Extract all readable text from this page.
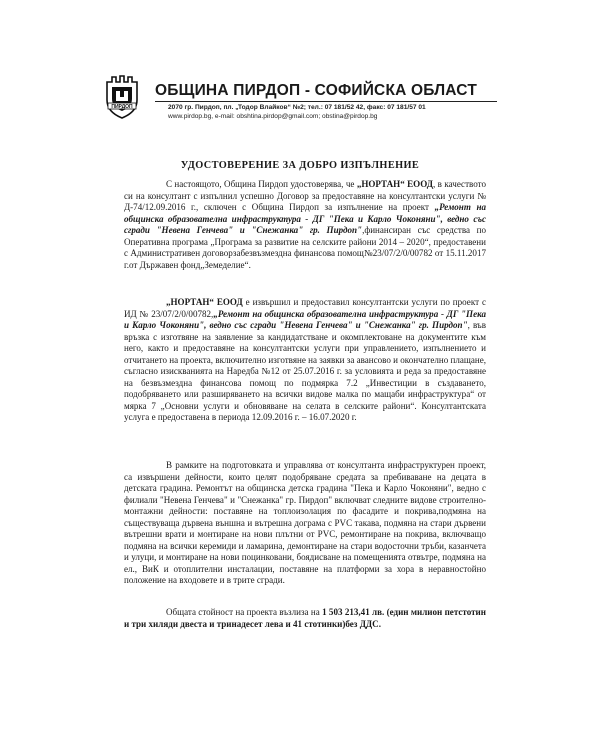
ПИРДОП
ОБЩИНА ПИРДОП - СОФИЙСКА ОБЛАСТ
2070 гр. Пирдоп, пл. „Тодор Влайков“ №2; тел.: 07 181/52 42, факс: 07 181/57 01
www.pirdop.bg, e-mail: obshtina.pirdop@gmail.com; obstina@pirdop.bg
УДОСТОВЕРЕНИЕ ЗА ДОБРО ИЗПЪЛНЕНИЕ

С настоящото, Община Пирдоп удостоверява, че „НОРТАН“ ЕООД, в качеството си на консултант с изпълнил успешно Договор за предоставяне на консултантски услуги № Д-74/12.09.2016 г., сключен с Община Пирдоп за изпълнение на проект „Ремонт на общинска образователна инфраструктура - ДГ "Пека и Карло Чоконяни", ведно със сгради "Невена Генчева" и "Снежанка" гр. Пирдоп",финансиран със средства по Оперативна програма „Програма за развитие на селските райони 2014 – 2020“, предоставени с Административен договорзабезвъзмездна финансова помощ№23/07/2/0/00782 от 15.11.2017 г.от Държавен фонд„Земеделие“.

„НОРТАН“ ЕООД е извършил и предоставил консултантски услуги по проект с ИД № 23/07/2/0/00782,„Ремонт на общинска образователна инфраструктура - ДГ "Пека и Карло Чоконяни", ведно със сгради "Невена Генчева" и "Снежанка" гр. Пирдоп", във връзка с изготвяне на заявление за кандидатстване и окомплектоване на документите към него, както и предоставяне на консултантски услуги при управлението, изпълнението и отчитането на проекта, включително изготвяне на заявки за авансово и окончателно плащане, съгласно изискванията на Наредба №12 от 25.07.2016 г. за условията и реда за предоставяне на безвъзмездна финансова помощ по подмярка 7.2 „Инвестиции в създаването, подобряването или разширяването на всички видове малка по мащаби инфраструктура“ от мярка 7 „Основни услуги и обновяване на селата в селските райони“. Консултантската услуга е предоставена в периода 12.09.2016 г. – 16.07.2020 г.

В рамките на подготовката и управлява от консултанта инфраструктурен проект, са извършени дейности, които целят подобряване средата за пребиваване на децата в детската градина. Ремонтът на общинска детска градина "Пека и Карло Чоконяни", ведно с филиали "Невена Генчева" и "Снежанка" гр. Пирдоп" включват следните видове строително-монтажни дейности: поставяне на топлоизолация по фасадите и покрива,подмяна на съществуваща дървена външна и вътрешна дограма с PVC такава, подмяна на стари дървени вътрешни врати и монтиране на нови плътни от PVC, ремонтиране на покрива, включващо подмяна на всички керемиди и ламарина, демонтиране на стари водосточни тръби, казанчета и улуци, и монтиране на нови поцинковани, боядисване на помещенията отвътре, подмяна на ел., ВиК и отоплителни инсталации, поставяне на платформи за хора в неравностойно положение на входовете и в трите сгради.

Общата стойност на проекта възлиза на 1 503 213,41 лв. (един милион петстотин и три хиляди двеста и тринадесет лева и 41 стотинки)без ДДС.
